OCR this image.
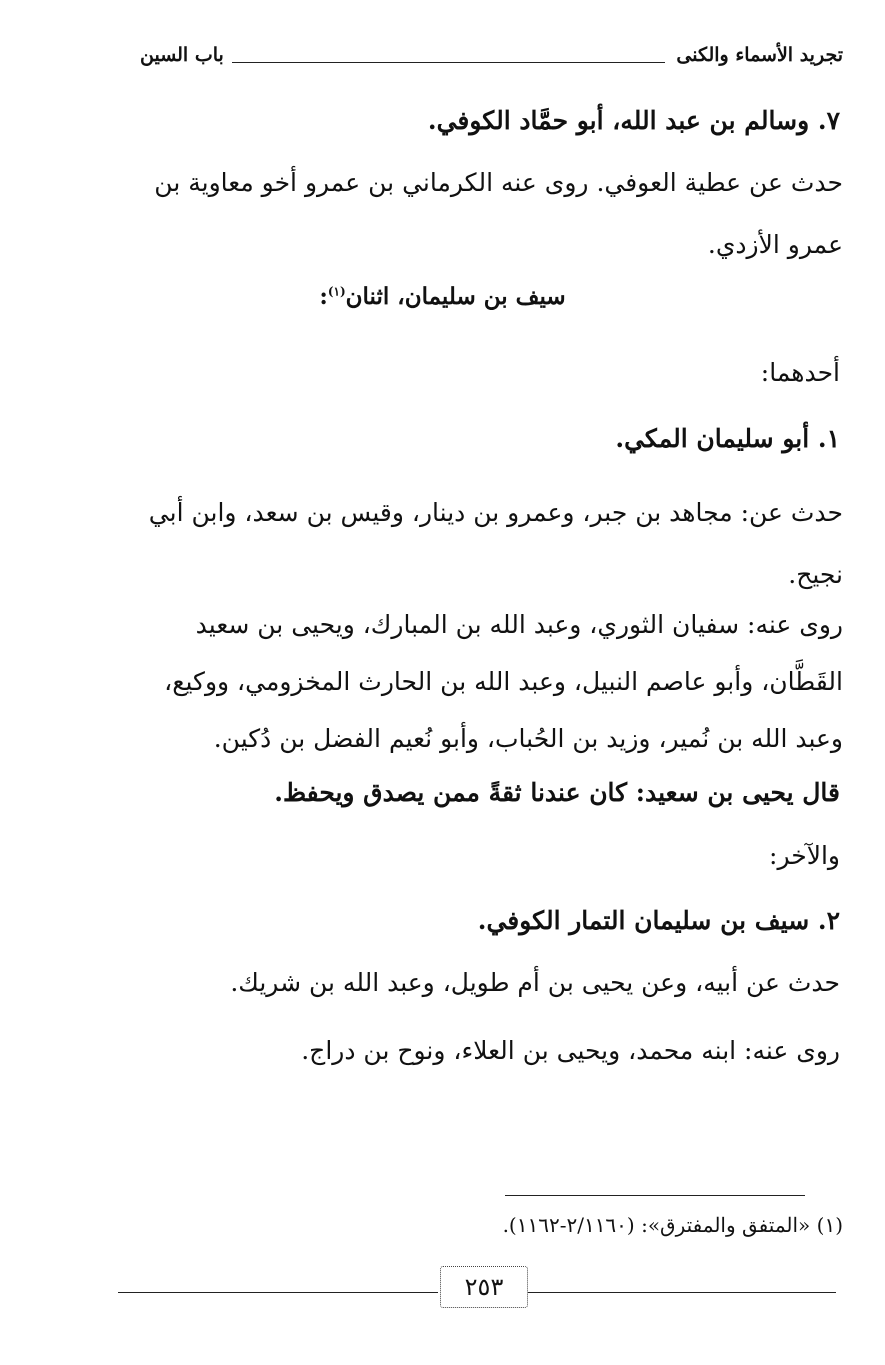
تجريد الأسماء والكنى
باب السين
٧. وسالم بن عبد الله، أبو حمَّاد الكوفي.
حدث عن عطية العوفي. روى عنه الكرماني بن عمرو أخو معاوية بن عمرو الأزدي.
سيف بن سليمان، اثنان$^{(١)}$:
أحدهما:
١. أبو سليمان المكي.
حدث عن: مجاهد بن جبر، وعمرو بن دينار، وقيس بن سعد، وابن أبي نجيح.
روى عنه: سفيان الثوري، وعبد الله بن المبارك، ويحيى بن سعيد القَطَّان، وأبو عاصم النبيل، وعبد الله بن الحارث المخزومي، ووكيع، وعبد الله بن نُمير، وزيد بن الحُباب، وأبو نُعيم الفضل بن دُكين.
قال يحيى بن سعيد: كان عندنا ثقةً ممن يصدق ويحفظ.
والآخر:
٢. سيف بن سليمان التمار الكوفي.
حدث عن أبيه، وعن يحيى بن أم طويل، وعبد الله بن شريك.
روى عنه: ابنه محمد، ويحيى بن العلاء، ونوح بن دراج.
(١) «المتفق والمفترق»: (٢/١١٦٠-١١٦٢).
٢٥٣
